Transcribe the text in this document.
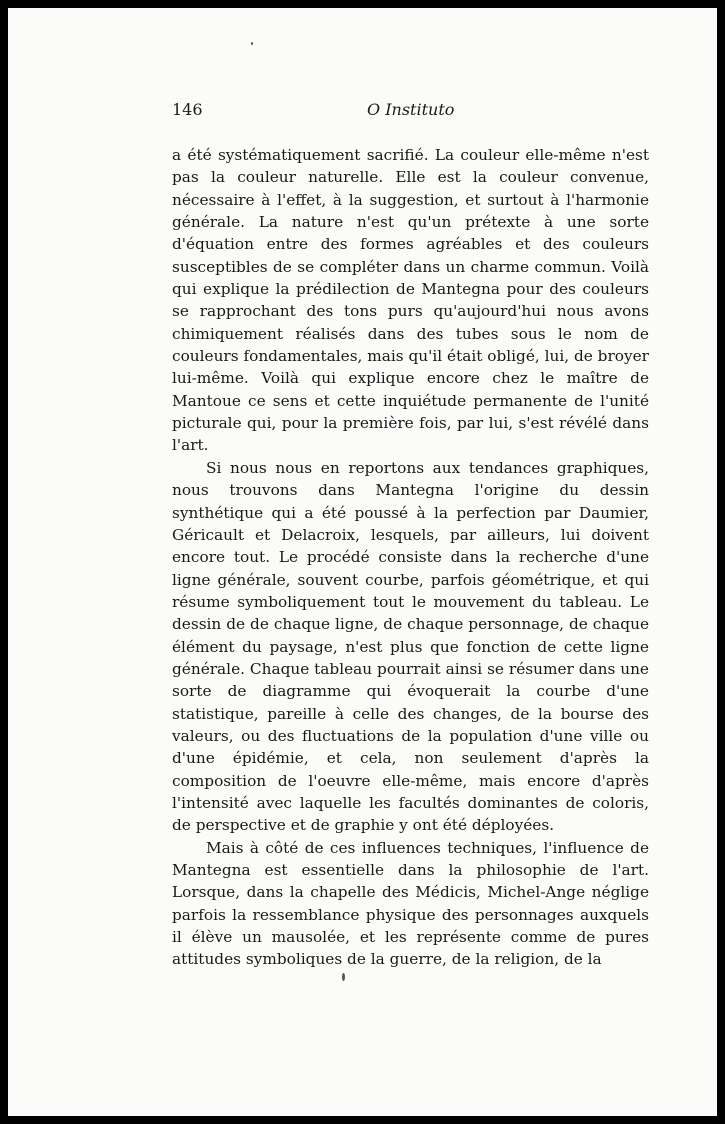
146	O Instituto

a été systématiquement sacrifié. La couleur elle-même n'est pas la couleur naturelle. Elle est la couleur convenue, nécessaire à l'effet, à la suggestion, et surtout à l'harmonie générale. La nature n'est qu'un prétexte à une sorte d'équation entre des formes agréables et des couleurs susceptibles de se compléter dans un charme commun. Voilà qui explique la prédilection de Mantegna pour des couleurs se rapprochant des tons purs qu'aujourd'hui nous avons chimiquement réalisés dans des tubes sous le nom de couleurs fondamentales, mais qu'il était obligé, lui, de broyer lui-même. Voilà qui explique encore chez le maître de Mantoue ce sens et cette inquiétude permanente de l'unité picturale qui, pour la première fois, par lui, s'est révélé dans l'art.

Si nous nous en reportons aux tendances graphiques, nous trouvons dans Mantegna l'origine du dessin synthétique qui a été poussé à la perfection par Daumier, Géricault et Delacroix, lesquels, par ailleurs, lui doivent encore tout. Le procédé consiste dans la recherche d'une ligne générale, souvent courbe, parfois géométrique, et qui résume symboliquement tout le mouvement du tableau. Le dessin de de chaque ligne, de chaque personnage, de chaque élément du paysage, n'est plus que fonction de cette ligne générale. Chaque tableau pourrait ainsi se résumer dans une sorte de diagramme qui évoquerait la courbe d'une statistique, pareille à celle des changes, de la bourse des valeurs, ou des fluctuations de la population d'une ville ou d'une épidémie, et cela, non seulement d'après la composition de l'oeuvre elle-même, mais encore d'après l'intensité avec laquelle les facultés dominantes de coloris, de perspective et de graphie y ont été déployées.

Mais à côté de ces influences techniques, l'influence de Mantegna est essentielle dans la philosophie de l'art. Lorsque, dans la chapelle des Médicis, Michel-Ange néglige parfois la ressemblance physique des personnages auxquels il élève un mausolée, et les représente comme de pures attitudes symboliques de la guerre, de la religion, de la
